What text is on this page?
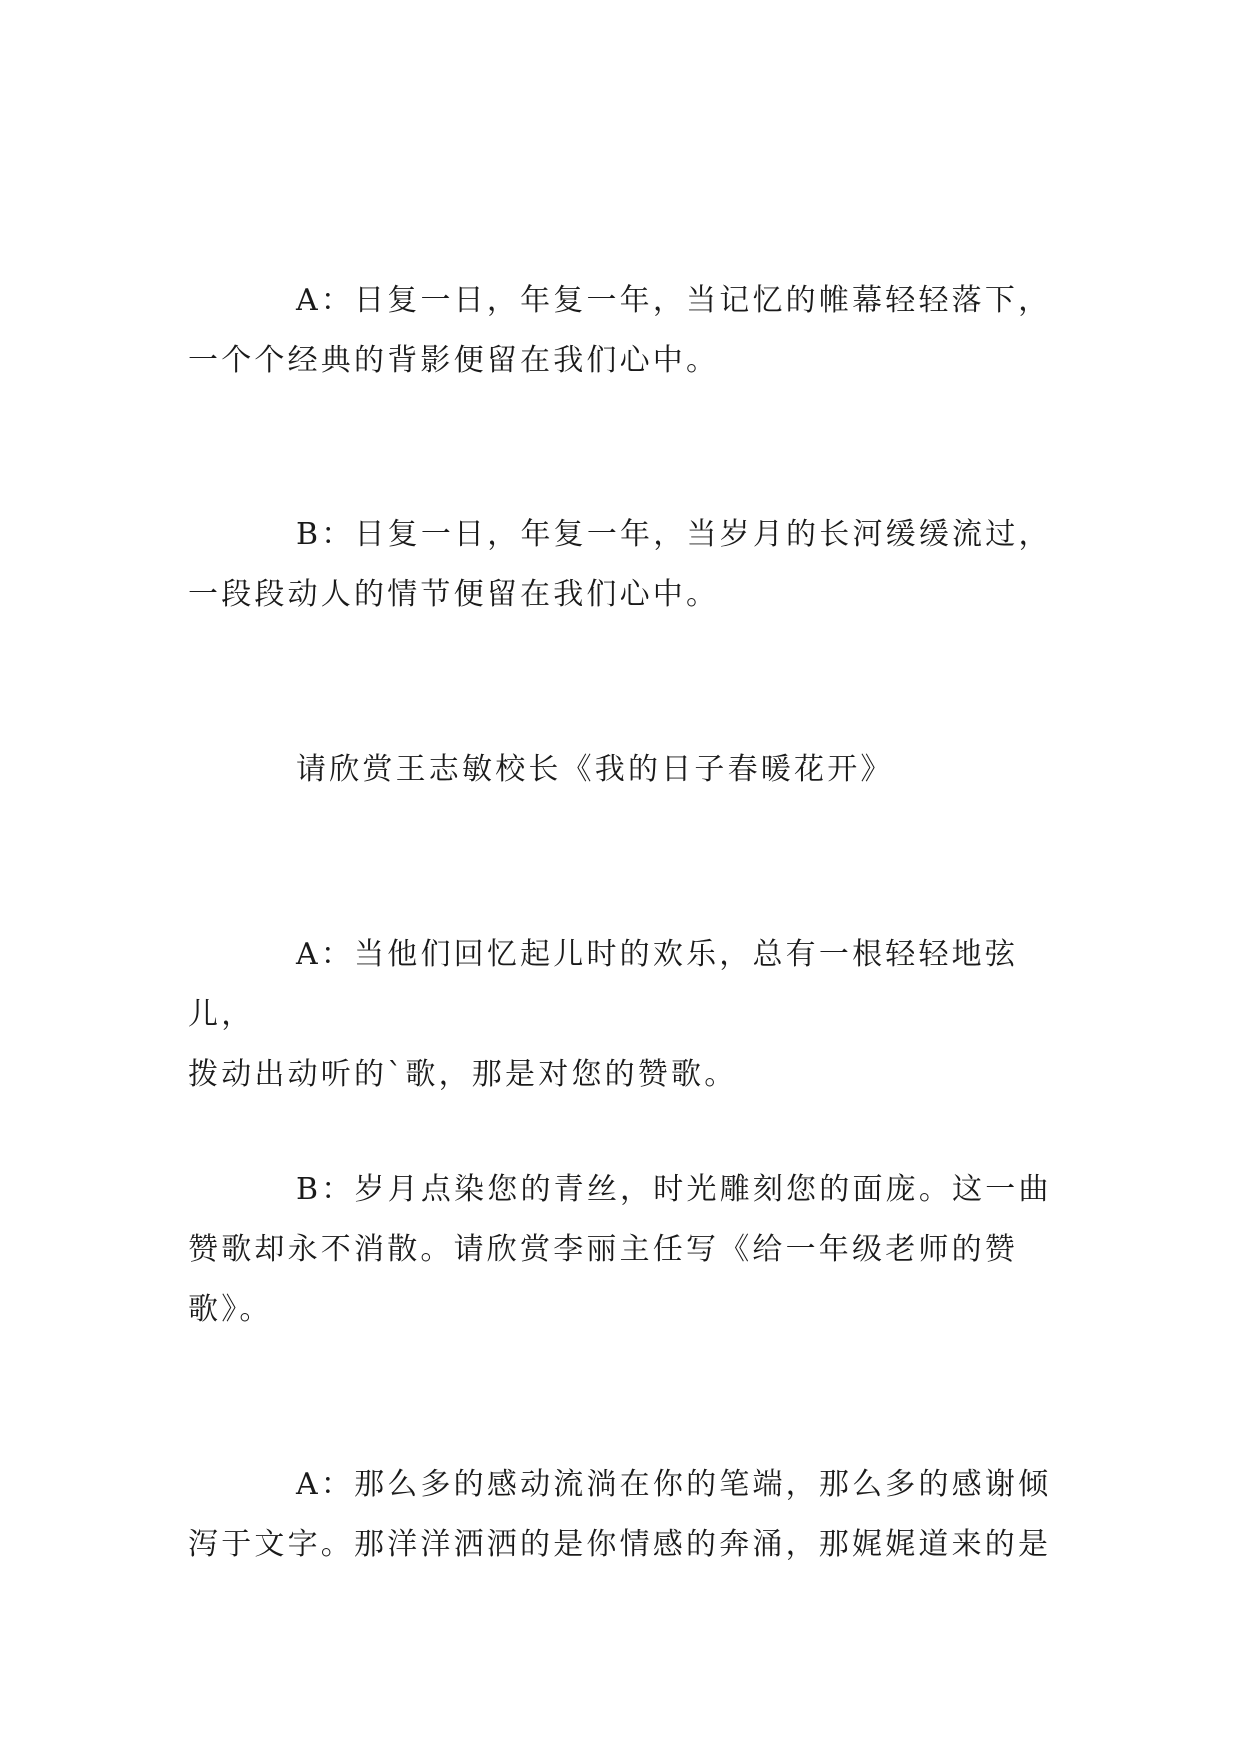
A：日复一日，年复一年，当记忆的帷幕轻轻落下，
一个个经典的背影便留在我们心中。

B：日复一日，年复一年，当岁月的长河缓缓流过，
一段段动人的情节便留在我们心中。

请欣赏王志敏校长《我的日子春暖花开》

A：当他们回忆起儿时的欢乐，总有一根轻轻地弦儿，
拨动出动听的`歌，那是对您的赞歌。

B：岁月点染您的青丝，时光雕刻您的面庞。这一曲
赞歌却永不消散。请欣赏李丽主任写《给一年级老师的赞
歌》。

A：那么多的感动流淌在你的笔端，那么多的感谢倾
泻于文字。那洋洋洒洒的是你情感的奔涌，那娓娓道来的是
